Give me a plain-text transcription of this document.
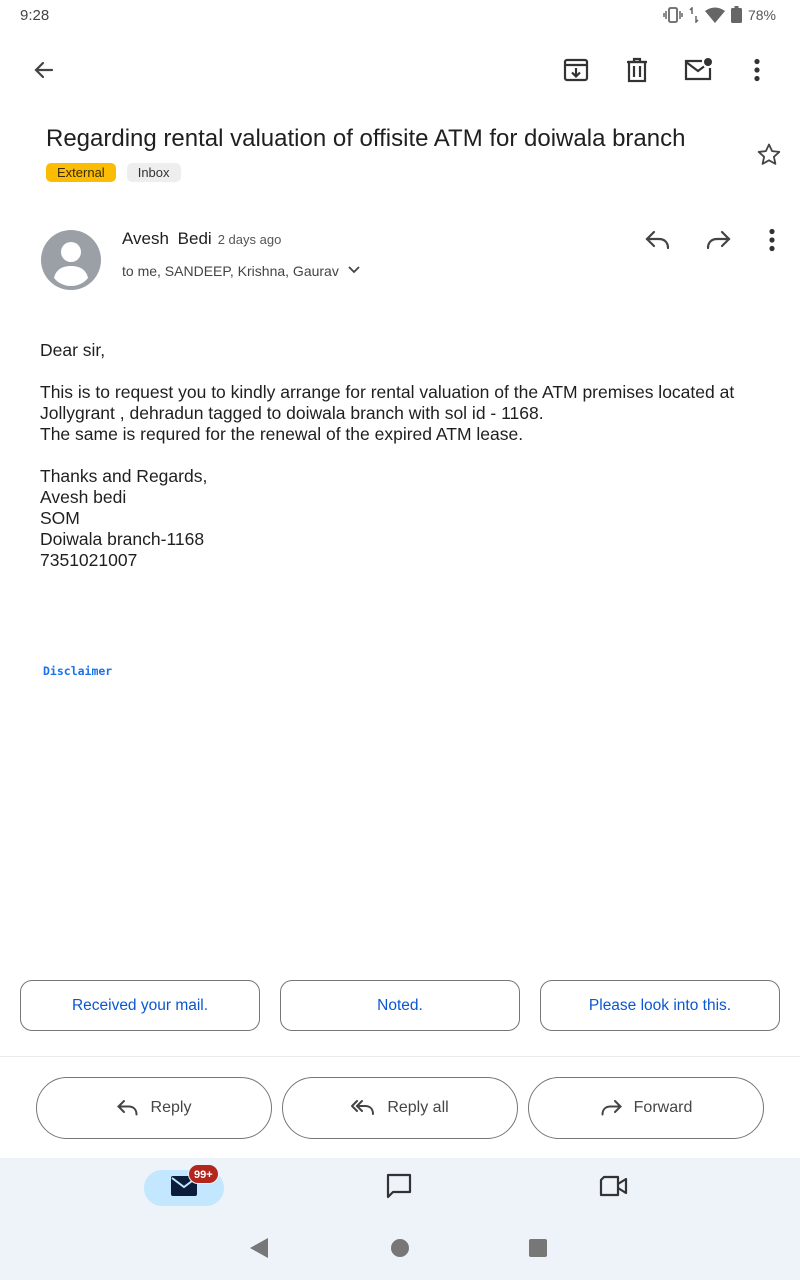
9:28	78%
Regarding rental valuation of offisite ATM for doiwala branch
External	Inbox
Avesh Bedi 2 days ago
to me, SANDEEP, Krishna, Gaurav

Dear sir,

This is to request you to kindly arrange for rental valuation of the ATM premises located at

Jollygrant , dehradun tagged to doiwala branch with sol id - 1168.

The same is requred for the renewal of the expired ATM lease.

Thanks and Regards,

Avesh bedi

SOM

Doiwala branch-1168

7351021007

Disclaimer
Received your mail.	Noted.	Please look into this.
Reply	Reply all	Forward
99+
